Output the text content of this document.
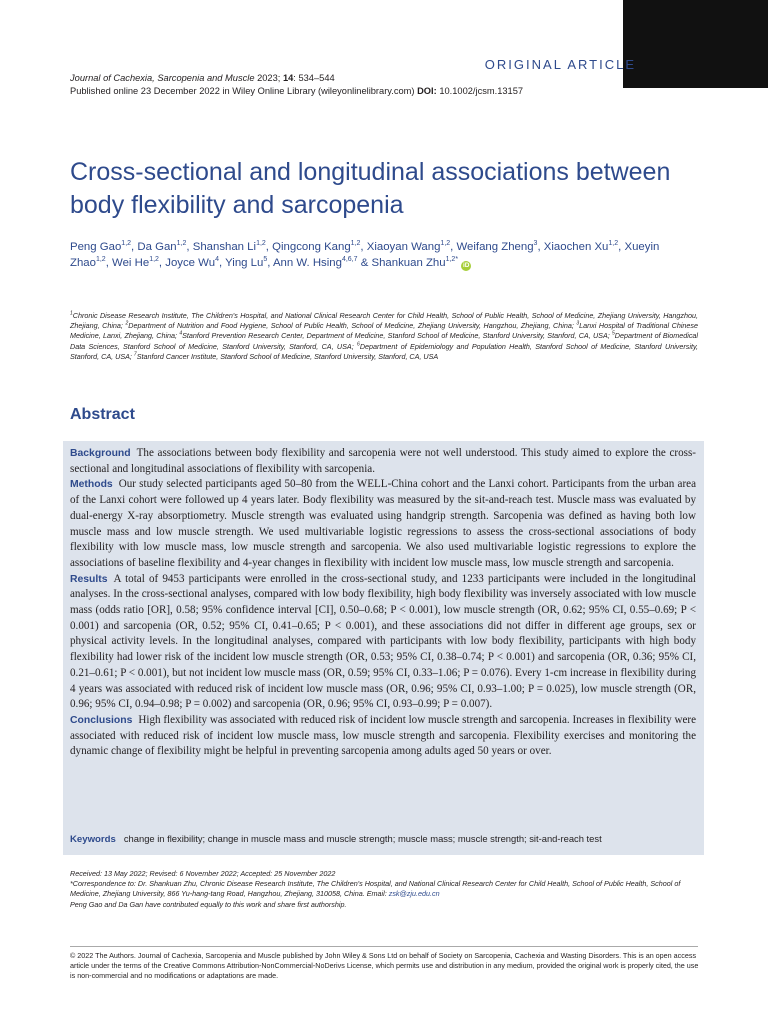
ORIGINAL ARTICLE
Journal of Cachexia, Sarcopenia and Muscle 2023; 14: 534–544
Published online 23 December 2022 in Wiley Online Library (wileyonlinelibrary.com) DOI: 10.1002/jcsm.13157
Cross-sectional and longitudinal associations between body flexibility and sarcopenia
Peng Gao$^{1,2}$, Da Gan$^{1,2}$, Shanshan Li$^{1,2}$, Qingcong Kang$^{1,2}$, Xiaoyan Wang$^{1,2}$, Weifang Zheng$^3$, Xiaochen Xu$^{1,2}$, Xueyin Zhao$^{1,2}$, Wei He$^{1,2}$, Joyce Wu$^4$, Ying Lu$^5$, Ann W. Hsing$^{4,6,7}$ & Shankuan Zhu$^{1,2*}$ iD
$^1$Chronic Disease Research Institute, The Children's Hospital, and National Clinical Research Center for Child Health, School of Public Health, School of Medicine, Zhejiang University, Hangzhou, Zhejiang, China; $^2$Department of Nutrition and Food Hygiene, School of Public Health, School of Medicine, Zhejiang University, Hangzhou, Zhejiang, China; $^3$Lanxi Hospital of Traditional Chinese Medicine, Lanxi, Zhejiang, China; $^4$Stanford Prevention Research Center, Department of Medicine, Stanford School of Medicine, Stanford University, Stanford, CA, USA; $^5$Department of Biomedical Data Sciences, Stanford School of Medicine, Stanford University, Stanford, CA, USA; $^6$Department of Epidemiology and Population Health, Stanford School of Medicine, Stanford University, Stanford, CA, USA; $^7$Stanford Cancer Institute, Stanford School of Medicine, Stanford University, Stanford, CA, USA
Abstract

Background The associations between body flexibility and sarcopenia were not well understood. This study aimed to explore the cross-sectional and longitudinal associations of flexibility with sarcopenia.

Methods Our study selected participants aged 50–80 from the WELL-China cohort and the Lanxi cohort. Participants from the urban area of the Lanxi cohort were followed up 4 years later. Body flexibility was measured by the sit-and-reach test. Muscle mass was evaluated by dual-energy X-ray absorptiometry. Muscle strength was evaluated using handgrip strength. Sarcopenia was defined as having both low muscle mass and low muscle strength. We used multivariable logistic regressions to assess the cross-sectional associations of body flexibility with low muscle mass, low muscle strength and sarcopenia. We also used multivariable logistic regressions to explore the associations of baseline flexibility and 4-year changes in flexibility with incident low muscle mass, low muscle strength and sarcopenia.

Results A total of 9453 participants were enrolled in the cross-sectional study, and 1233 participants were included in the longitudinal analyses. In the cross-sectional analyses, compared with low body flexibility, high body flexibility was inversely associated with low muscle mass (odds ratio [OR], 0.58; 95% confidence interval [CI], 0.50–0.68; P < 0.001), low muscle strength (OR, 0.62; 95% CI, 0.55–0.69; P < 0.001) and sarcopenia (OR, 0.52; 95% CI, 0.41–0.65; P < 0.001), and these associations did not differ in different age groups, sex or physical activity levels. In the longitudinal analyses, compared with participants with low body flexibility, participants with high body flexibility had lower risk of the incident low muscle strength (OR, 0.53; 95% CI, 0.38–0.74; P < 0.001) and sarcopenia (OR, 0.36; 95% CI, 0.21–0.61; P < 0.001), but not incident low muscle mass (OR, 0.59; 95% CI, 0.33–1.06; P = 0.076). Every 1-cm increase in flexibility during 4 years was associated with reduced risk of incident low muscle mass (OR, 0.96; 95% CI, 0.93–1.00; P = 0.025), low muscle strength (OR, 0.96; 95% CI, 0.94–0.98; P = 0.002) and sarcopenia (OR, 0.96; 95% CI, 0.93–0.99; P = 0.007).

Conclusions High flexibility was associated with reduced risk of incident low muscle strength and sarcopenia. Increases in flexibility were associated with reduced risk of incident low muscle mass, low muscle strength and sarcopenia. Flexibility exercises and monitoring the dynamic change of flexibility might be helpful in preventing sarcopenia among adults aged 50 years or over.

Keywords change in flexibility; change in muscle mass and muscle strength; muscle mass; muscle strength; sit-and-reach test
Received: 13 May 2022; Revised: 6 November 2022; Accepted: 25 November 2022
*Correspondence to: Dr. Shankuan Zhu, Chronic Disease Research Institute, The Children's Hospital, and National Clinical Research Center for Child Health, School of Public Health, School of Medicine, Zhejiang University, 866 Yu-hang-tang Road, Hangzhou, Zhejiang, 310058, China. Email: zsk@zju.edu.cn
Peng Gao and Da Gan have contributed equally to this work and share first authorship.
© 2022 The Authors. Journal of Cachexia, Sarcopenia and Muscle published by John Wiley & Sons Ltd on behalf of Society on Sarcopenia, Cachexia and Wasting Disorders. This is an open access article under the terms of the Creative Commons Attribution-NonCommercial-NoDerivs License, which permits use and distribution in any medium, provided the original work is properly cited, the use is non-commercial and no modifications or adaptations are made.
